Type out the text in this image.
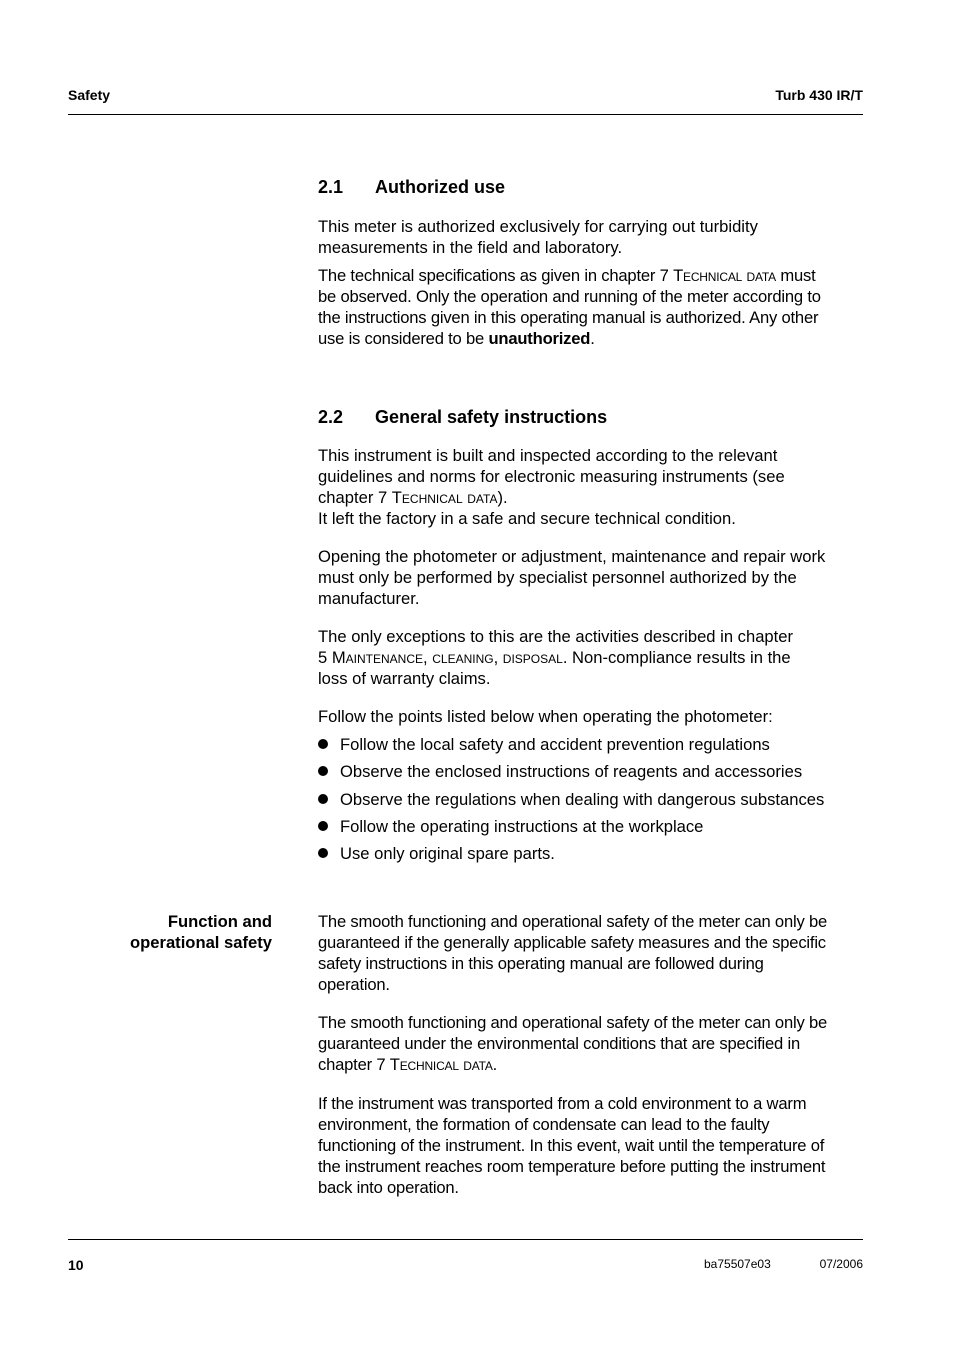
Safety	Turb 430 IR/T
2.1 Authorized use
This meter is authorized exclusively for carrying out turbidity
measurements in the field and laboratory.
The technical specifications as given in chapter 7 Technical data must
be observed. Only the operation and running of the meter according to
the instructions given in this operating manual is authorized. Any other
use is considered to be unauthorized.
2.2 General safety instructions
This instrument is built and inspected according to the relevant
guidelines and norms for electronic measuring instruments (see
chapter 7 Technical data).
It left the factory in a safe and secure technical condition.
Opening the photometer or adjustment, maintenance and repair work
must only be performed by specialist personnel authorized by the
manufacturer.
The only exceptions to this are the activities described in chapter
5 Maintenance, cleaning, disposal. Non-compliance results in the
loss of warranty claims.
Follow the points listed below when operating the photometer:
Follow the local safety and accident prevention regulations
Observe the enclosed instructions of reagents and accessories
Observe the regulations when dealing with dangerous substances
Follow the operating instructions at the workplace
Use only original spare parts.
Function and
operational safety
The smooth functioning and operational safety of the meter can only be
guaranteed if the generally applicable safety measures and the specific
safety instructions in this operating manual are followed during
operation.
The smooth functioning and operational safety of the meter can only be
guaranteed under the environmental conditions that are specified in
chapter 7 Technical data.
If the instrument was transported from a cold environment to a warm
environment, the formation of condensate can lead to the faulty
functioning of the instrument. In this event, wait until the temperature of
the instrument reaches room temperature before putting the instrument
back into operation.
10	ba75507e03	07/2006
